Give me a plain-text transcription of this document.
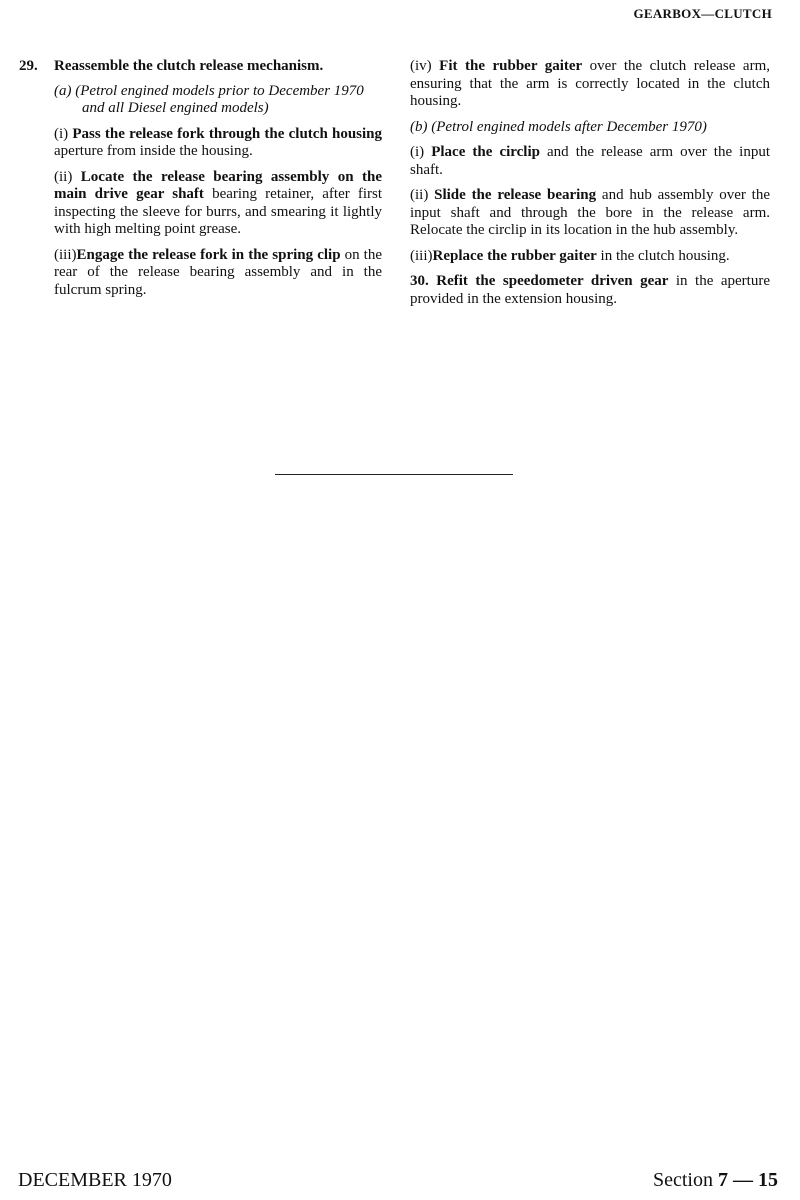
GEARBOX—CLUTCH

29. Reassemble the clutch release mechanism.

(a) (Petrol engined models prior to December 1970
and all Diesel engined models)

(i) Pass the release fork through the clutch housing aperture from inside the housing.

(ii) Locate the release bearing assembly on the main drive gear shaft bearing retainer, after first inspecting the sleeve for burrs, and smearing it lightly with high melting point grease.

(iii)Engage the release fork in the spring clip on the rear of the release bearing assembly and in the fulcrum spring.

(iv) Fit the rubber gaiter over the clutch release arm, ensuring that the arm is correctly located in the clutch housing.

(b) (Petrol engined models after December 1970)

(i) Place the circlip and the release arm over the input shaft.

(ii) Slide the release bearing and hub assembly over the input shaft and through the bore in the release arm. Relocate the circlip in its location in the hub assembly.

(iii)Replace the rubber gaiter in the clutch housing.

30. Refit the speedometer driven gear in the aperture provided in the extension housing.

DECEMBER 1970	Section 7 — 15
